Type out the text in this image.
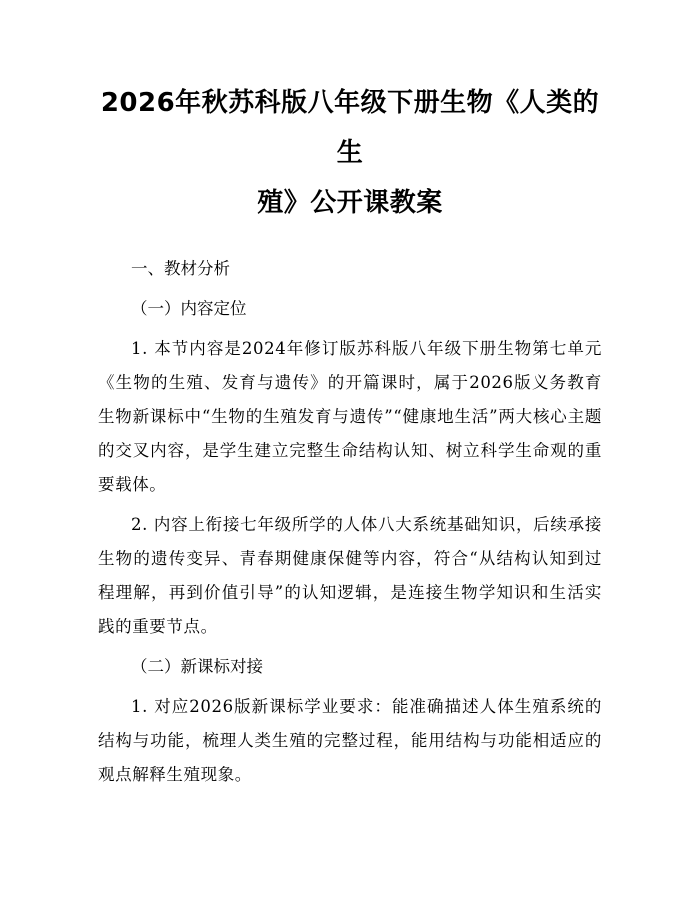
2026年秋苏科版八年级下册生物《人类的生
殖》公开课教案
一、教材分析
（一）内容定位

1. 本节内容是2024年修订版苏科版八年级下册生物第七单元《生物的生殖、发育与遗传》的开篇课时，属于2026版义务教育生物新课标中“生物的生殖发育与遗传”“健康地生活”两大核心主题的交叉内容，是学生建立完整生命结构认知、树立科学生命观的重要载体。

2. 内容上衔接七年级所学的人体八大系统基础知识，后续承接生物的遗传变异、青春期健康保健等内容，符合“从结构认知到过程理解，再到价值引导”的认知逻辑，是连接生物学知识和生活实践的重要节点。

（二）新课标对接

1. 对应2026版新课标学业要求：能准确描述人体生殖系统的结构与功能，梳理人类生殖的完整过程，能用结构与功能相适应的观点解释生殖现象。
